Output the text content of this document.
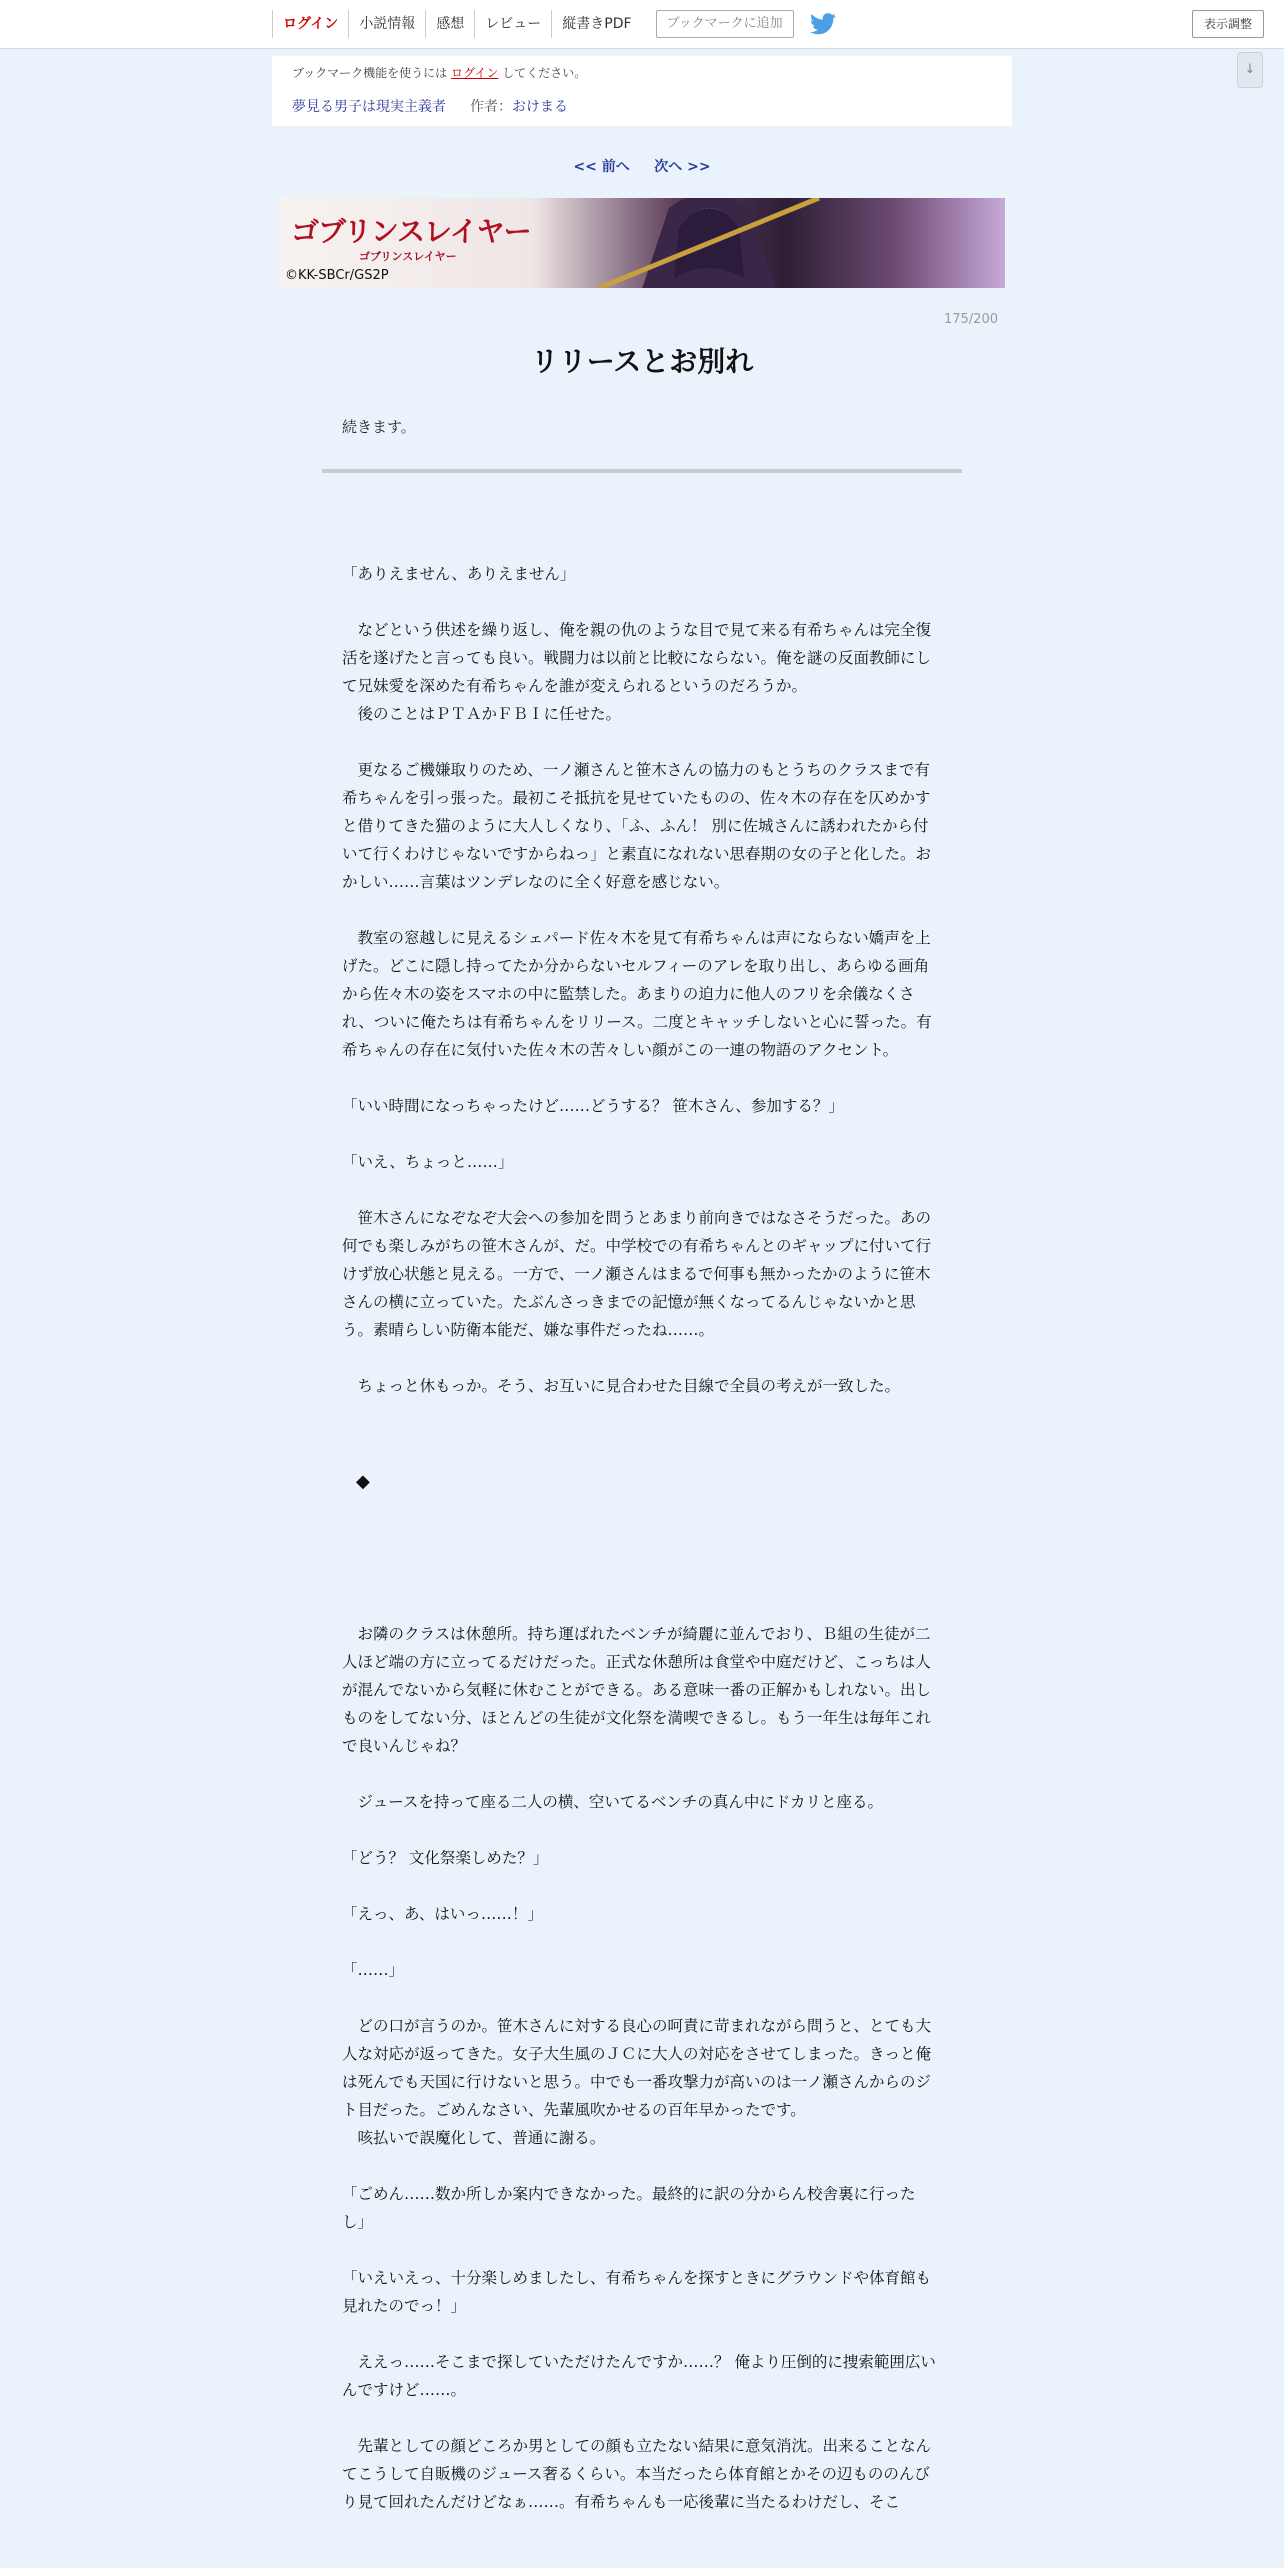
ログイン	小説情報	感想	レビュー	縦書きPDF	ブックマークに追加	表示調整
↓
ブックマーク機能を使うには ログイン してください。
夢見る男子は現実主義者 作者：おけまる
<< 前へ 次へ >>
ゴブリンスレイヤー
ゴブリンスレイヤー
©KK-SBCr/GS2P
175/200
リリースとお別れ
続きます。

「ありえません、ありえません」

　などという供述を繰り返し、俺を親の仇のような目で見て来る有希ちゃんは完全復活を遂げたと言っても良い。戦闘力は以前と比較にならない。俺を謎の反面教師にして兄妹愛を深めた有希ちゃんを誰が変えられるというのだろうか。
　後のことはＰＴＡかＦＢＩに任せた。

　更なるご機嫌取りのため、一ノ瀬さんと笹木さんの協力のもとうちのクラスまで有希ちゃんを引っ張った。最初こそ抵抗を見せていたものの、佐々木の存在を仄めかすと借りてきた猫のように大人しくなり、「ふ、ふん！ 別に佐城さんに誘われたから付いて行くわけじゃないですからねっ」と素直になれない思春期の女の子と化した。おかしい……言葉はツンデレなのに全く好意を感じない。

　教室の窓越しに見えるシェパード佐々木を見て有希ちゃんは声にならない嬌声を上げた。どこに隠し持ってたか分からないセルフィーのアレを取り出し、あらゆる画角から佐々木の姿をスマホの中に監禁した。あまりの迫力に他人のフリを余儀なくされ、ついに俺たちは有希ちゃんをリリース。二度とキャッチしないと心に誓った。有希ちゃんの存在に気付いた佐々木の苦々しい顔がこの一連の物語のアクセント。

「いい時間になっちゃったけど……どうする？ 笹木さん、参加する？」

「いえ、ちょっと……」

　笹木さんになぞなぞ大会への参加を問うとあまり前向きではなさそうだった。あの何でも楽しみがちの笹木さんが、だ。中学校での有希ちゃんとのギャップに付いて行けず放心状態と見える。一方で、一ノ瀬さんはまるで何事も無かったかのように笹木さんの横に立っていた。たぶんさっきまでの記憶が無くなってるんじゃないかと思う。素晴らしい防衛本能だ、嫌な事件だったね……。

　ちょっと休もっか。そう、お互いに見合わせた目線で全員の考えが一致した。

◆

　お隣のクラスは休憩所。持ち運ばれたベンチが綺麗に並んでおり、Ｂ組の生徒が二人ほど端の方に立ってるだけだった。正式な休憩所は食堂や中庭だけど、こっちは人が混んでないから気軽に休むことができる。ある意味一番の正解かもしれない。出しものをしてない分、ほとんどの生徒が文化祭を満喫できるし。もう一年生は毎年これで良いんじゃね？

　ジュースを持って座る二人の横、空いてるベンチの真ん中にドカリと座る。

「どう？ 文化祭楽しめた？」

「えっ、あ、はいっ……！」

「……」

　どの口が言うのか。笹木さんに対する良心の呵責に苛まれながら問うと、とても大人な対応が返ってきた。女子大生風のＪＣに大人の対応をさせてしまった。きっと俺は死んでも天国に行けないと思う。中でも一番攻撃力が高いのは一ノ瀬さんからのジト目だった。ごめんなさい、先輩風吹かせるの百年早かったです。
　咳払いで誤魔化して、普通に謝る。

「ごめん……数か所しか案内できなかった。最終的に訳の分からん校舎裏に行ったし」

「いえいえっ、十分楽しめましたし、有希ちゃんを探すときにグラウンドや体育館も見れたのでっ！」

　ええっ……そこまで探していただけたんですか……？ 俺より圧倒的に捜索範囲広いんですけど……。

　先輩としての顔どころか男としての顔も立たない結果に意気消沈。出来ることなんてこうして自販機のジュース奢るくらい。本当だったら体育館とかその辺もののんびり見て回れたんだけどなぁ……。有希ちゃんも一応後輩に当たるわけだし、そこ
